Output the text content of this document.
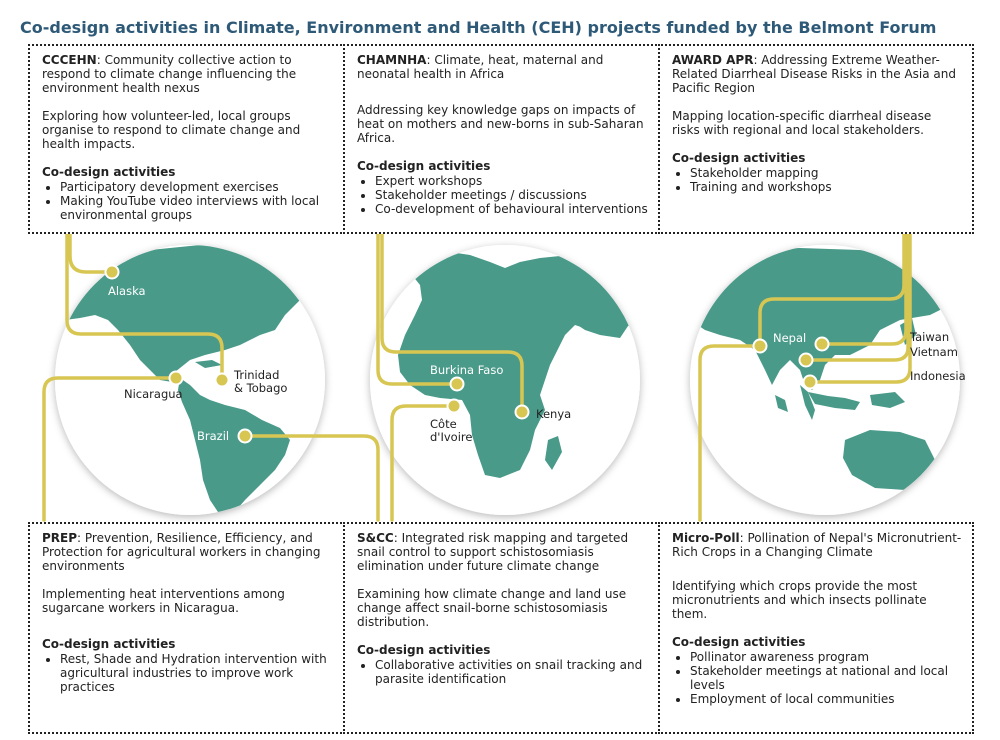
Co-design activities in Climate, Environment and Health (CEH) projects funded by the Belmont Forum
Alaska
Nicaragua
Trinidad & Tobago
Brazil
Burkina Faso
Côte d'Ivoire
Kenya
Nepal	Taiwan
Vietnam
Indonesia

CCCEHN: Community collective action to respond to climate change influencing the environment health nexus

Exploring how volunteer-led, local groups organise to respond to climate change and health impacts.

Co-design activities
• Participatory development exercises
• Making YouTube video interviews with local environmental groups

CHAMNHA: Climate, heat, maternal and neonatal health in Africa

Addressing key knowledge gaps on impacts of heat on mothers and new-borns in sub-Saharan Africa.

Co-design activities
• Expert workshops
• Stakeholder meetings / discussions
• Co-development of behavioural interventions

AWARD APR: Addressing Extreme Weather-Related Diarrheal Disease Risks in the Asia and Pacific Region

Mapping location-specific diarrheal disease risks with regional and local stakeholders.

Co-design activities
• Stakeholder mapping
• Training and workshops

PREP: Prevention, Resilience, Efficiency, and Protection for agricultural workers in changing environments

Implementing heat interventions among sugarcane workers in Nicaragua.

Co-design activities
• Rest, Shade and Hydration intervention with agricultural industries to improve work practices

S&CC: Integrated risk mapping and targeted snail control to support schistosomiasis elimination under future climate change

Examining how climate change and land use change affect snail-borne schistosomiasis distribution.

Co-design activities
• Collaborative activities on snail tracking and parasite identification

Micro-Poll: Pollination of Nepal's Micronutrient-Rich Crops in a Changing Climate

Identifying which crops provide the most micronutrients and which insects pollinate them.

Co-design activities
• Pollinator awareness program
• Stakeholder meetings at national and local levels
• Employment of local communities
